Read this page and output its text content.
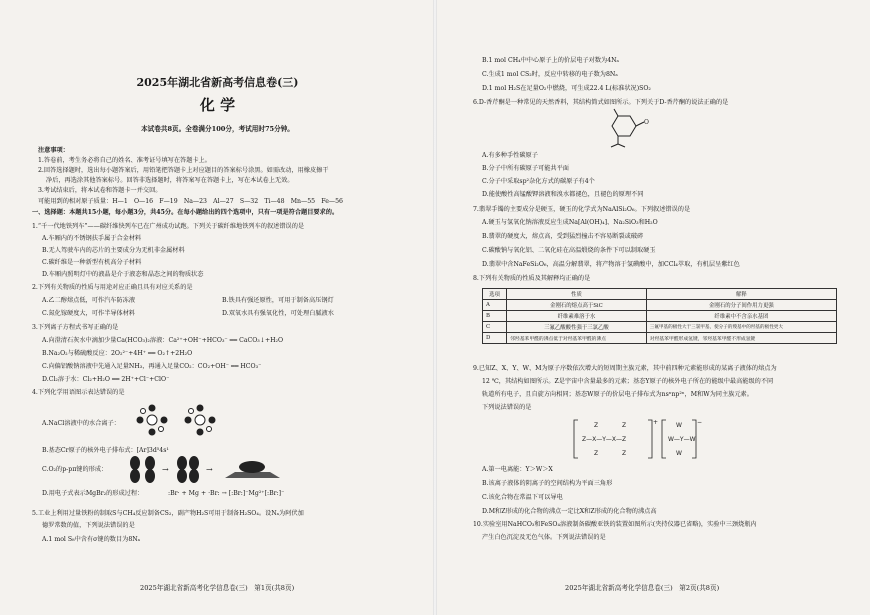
2025年湖北省新高考信息卷(三)
化 学
本试卷共8页。全卷满分100分，考试用时75分钟。
注意事项：
1.答卷前，考生务必将自己的姓名、准考证号填写在答题卡上。
2.回答选择题时，选出每小题答案后，用铅笔把答题卡上对应题目的答案标号涂黑。如需改动，用橡皮擦干
净后，再选涂其他答案标号。回答非选择题时，将答案写在答题卡上，写在本试卷上无效。
3.考试结束后，将本试卷和答题卡一并交回。
可能用到的相对原子质量：H—1　O—16　F—19　Na—23　Al—27　S—32　Ti—48　Mn—55　Fe—56
一、选择题：本题共15小题，每小题3分，共45分。在每小题给出的四个选项中，只有一项是符合题目要求的。
1.“千一代地铁列车”——碳纤维快列车已在广州成功试跑。下列关于碳纤维地铁列车的叙述错误的是
A.车厢内的不锈钢扶手属于合金材料
B.无人驾驶车内的芯片的主要成分为无机非金属材料
C.碳纤维是一种新型有机高分子材料
D.车厢内照明灯中的液晶是介于液态和晶态之间的物质状态
2.下列有关物质的性质与用途对应正确且具有对应关系的是
A.乙二醇熔点低，可作汽车防冻液	B.铁具有强还原性，可用于制备高压钢灯
C.氮化镓硬度大，可作半导体材料	D.双氧水具有强氧化性，可处理白腻液水
3.下列离子方程式书写正确的是
A.向澄清石灰水中滴加少量Ca(HCO₃)₂溶液：Ca²⁺+OH⁻+HCO₃⁻ ══ CaCO₃↓+H₂O
B.Na₂O₂与稀硫酸反应：2O₂²⁻+4H⁺ ══ O₂↑+2H₂O
C.向偏铝酸钠溶液中先通入足量NH₃，再通入足量CO₂：CO₂+OH⁻ ══ HCO₃⁻
D.Cl₂溶于水：Cl₂+H₂O ══ 2H⁺+Cl⁻+ClO⁻
4.下列化学用语图示表达错误的是
A.NaCl溶液中的水合离子：
B.基态Cr原子的核外电子排布式：[Ar]3d⁵4s¹
C.O₂的p-pπ键的形成：	→	→
D.用电子式表示MgBr₂的形成过程：	:Br· + Mg + ·Br: → [:Br:]⁻Mg²⁺[:Br:]⁻
5.工业上利用过量铁粉的制取S与CH₄反应制备CS₂，副产物H₂S可用于制备H₂SO₄。设Nₐ为阿伏加
德罗常数的值，下列说法错误的是
A.1 mol S₈中含有σ键的数目为8Nₐ
2025年湖北省新高考化学信息卷(三)　第1页(共8页)
B.1 mol CH₄中中心原子上的价层电子对数为4Nₐ
C.生成1 mol CS₂时，反应中转移的电子数为8Nₐ
D.1 mol H₂S在足量O₂中燃烧，可生成22.4 L(标准状况)SO₂
6.D-香芹酮是一种常见的天然香料，其结构简式如图所示。下列关于D-香芹酮的说法正确的是
O
A.有多种手性碳原子
B.分子中所有碳原子可能共平面
C.分子中采取sp²杂化方式的碳原子有4个
D.能使酸性高锰酸钾溶液和溴水都褪色，且褪色的原理不同
7.翡翠手镯的主要成分是硬玉，硬玉的化学式为NaAlSi₂O₆。下列叙述错误的是
A.硬玉与氢氧化钠溶液反应生成Na[Al(OH)₄]、Na₂SiO₃和H₂O
B.翡翠的硬度大，熔点高，受到猛烈撞击不容易断裂或破碎
C.碳酸钠与氧化铝、二氧化硅在高温煅烧的条件下可以制取硬玉
D.翡翠中含NaFeSi₂O₆，高温分解翡翠，将产物溶于氢碘酸中，加CCl₄萃取，有机层呈紫红色
8.下列有关物质的性质及其解释均正确的是
选项	性质	解释
A	金刚石的熔点高于SiC	金刚石的分子间作用力更强
B	纤维素难溶于水	纤维素中不含亲水基团
C	三氟乙酸酸性强于三氯乙酸	三氟甲基的极性大于三氯甲基，使分子的羧基中的羟基的极性更大
D	邻羟基苯甲醛的沸点低于对羟基苯甲醛的沸点	对羟基苯甲醛形成氢键，邻羟基苯甲醛不形成氢键
9.已知Z、X、Y、W、M为原子序数依次增大的短周期主族元素，其中前四种元素能形成的某离子液体的熔点为
12 ℃，其结构如图所示。Z是宇宙中含量最多的元素；基态Y原子的核外电子所在的能级中最高能级的不同
轨道所有电子，且自旋方向相同；基态W原子的价层电子排布式为nsⁿnp²ⁿ，M和W为同主族元素。
下列说法错误的是
Z	Z
Z—X—Y—X—Z
Z	Z
W
W—Y—W
W
+	−
A.第一电离能：Y＞W＞X
B.该离子液体的阴离子的空间结构为平面三角形
C.该化合物在常温下可以导电
D.M和Z形成的化合物的沸点一定比X和Z形成的化合物的沸点高
10.实验室用NaHCO₃和FeSO₄溶液制备碳酸亚铁的装置如图所示(夹持仪器已省略)，实验中三颈烧瓶内
产生白色沉淀及无色气体。下列说法错误的是
2025年湖北省新高考化学信息卷(三)　第2页(共8页)
